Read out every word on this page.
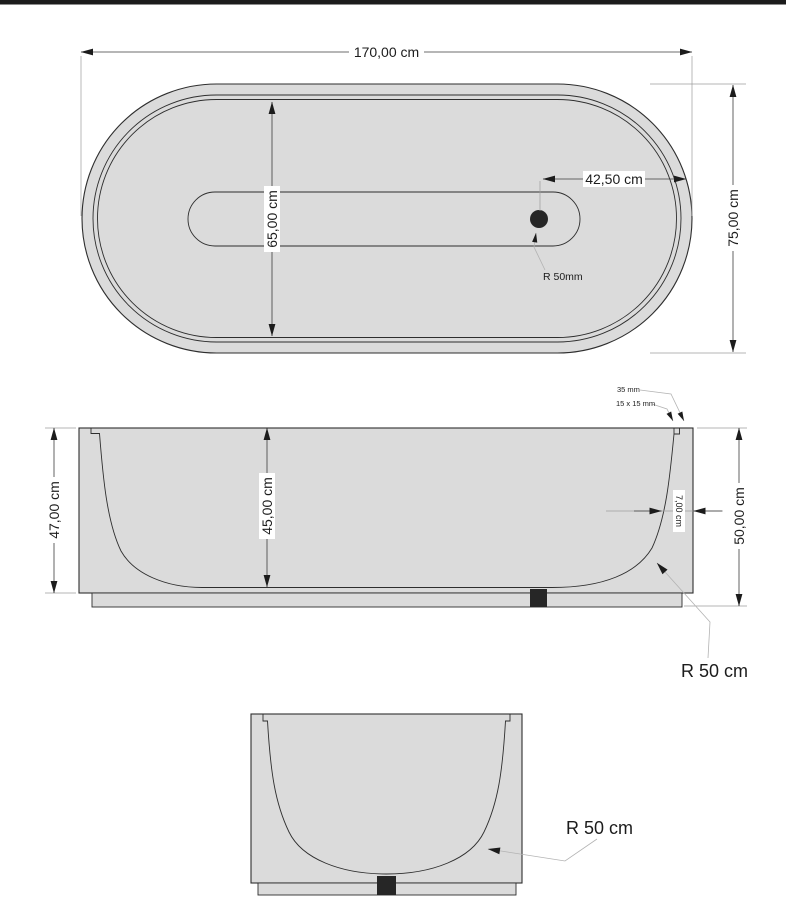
170,00 cm
75,00 cm
65,00 cm
42,50 cm
R 50mm
47,00 cm	45,00 cm	50,00 cm
7,00 cm
35 mm
15 x 15 mm
R 50 cm
R 50 cm
